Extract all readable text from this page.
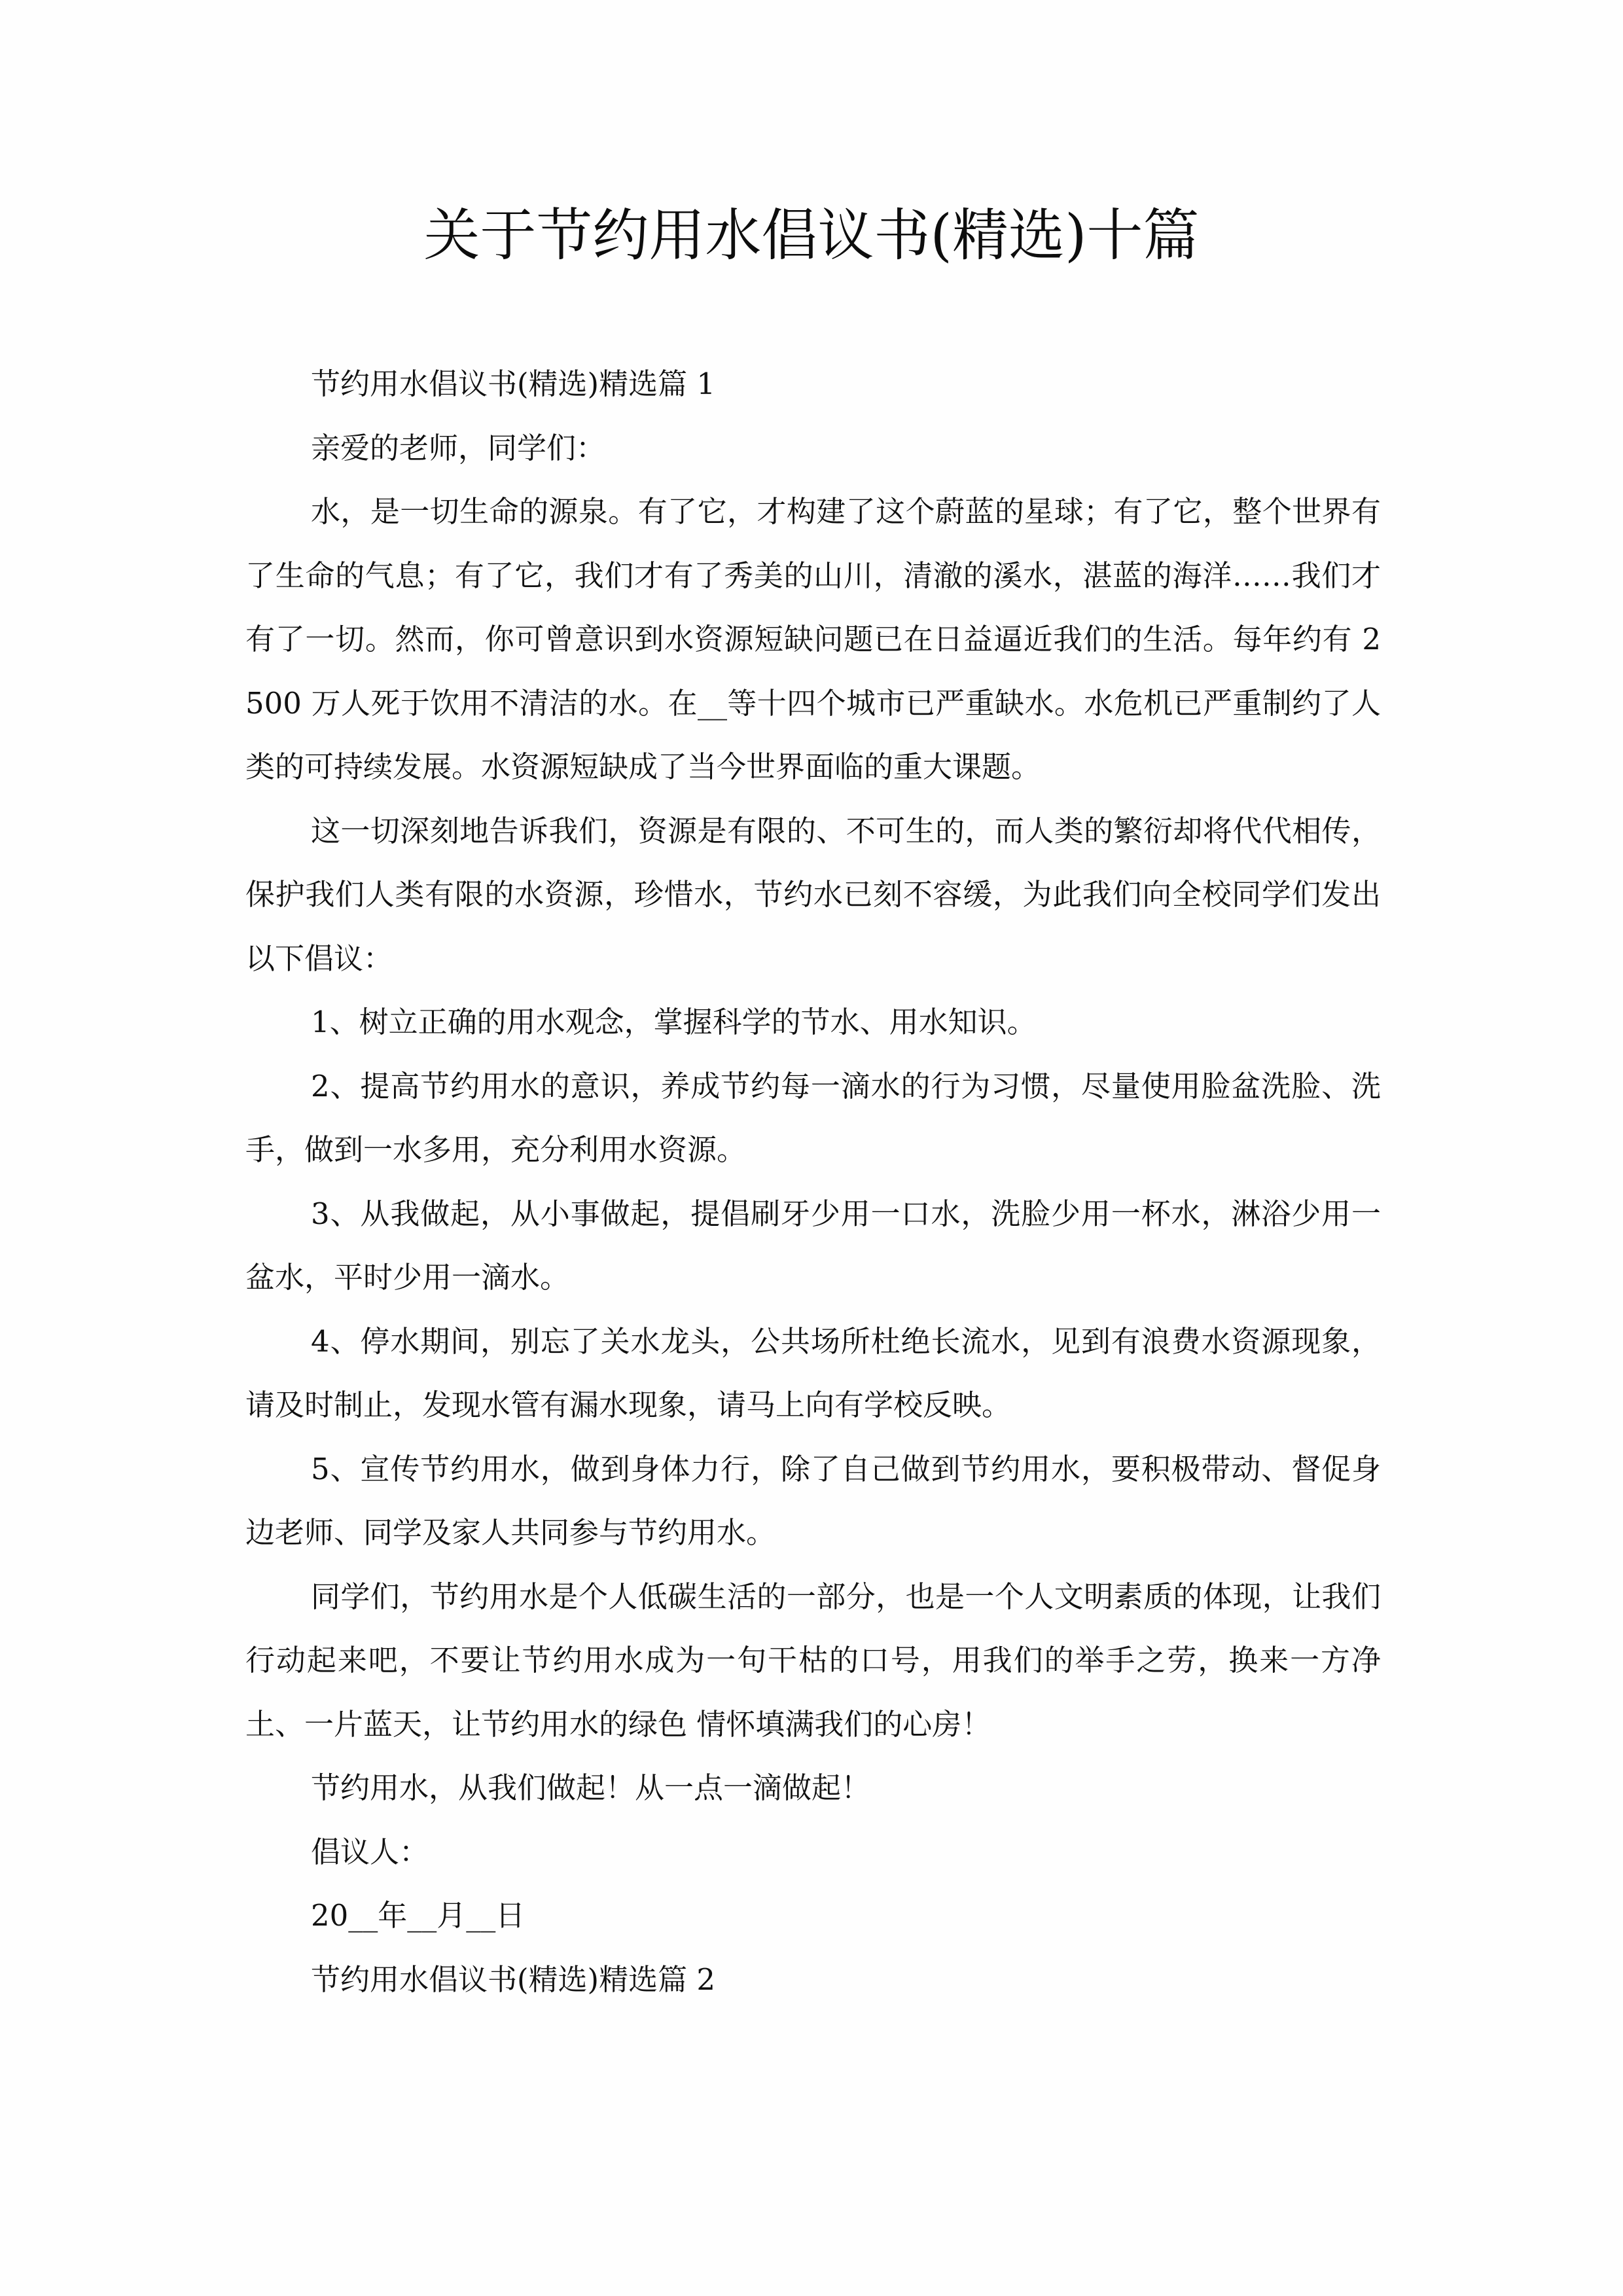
关于节约用水倡议书(精选)十篇

节约用水倡议书(精选)精选篇 1

亲爱的老师，同学们：

水，是一切生命的源泉。有了它，才构建了这个蔚蓝的星球；有了它，整个世界有了生命的气息；有了它，我们才有了秀美的山川，清澈的溪水，湛蓝的海洋……我们才有了一切。然而，你可曾意识到水资源短缺问题已在日益逼近我们的生活。每年约有 2500 万人死于饮用不清洁的水。在__等十四个城市已严重缺水。水危机已严重制约了人类的可持续发展。水资源短缺成了当今世界面临的重大课题。

这一切深刻地告诉我们，资源是有限的、不可生的，而人类的繁衍却将代代相传，保护我们人类有限的水资源，珍惜水，节约水已刻不容缓，为此我们向全校同学们发出以下倡议：

1、树立正确的用水观念，掌握科学的节水、用水知识。

2、提高节约用水的意识，养成节约每一滴水的行为习惯，尽量使用脸盆洗脸、洗手，做到一水多用，充分利用水资源。

3、从我做起，从小事做起，提倡刷牙少用一口水，洗脸少用一杯水，淋浴少用一盆水，平时少用一滴水。

4、停水期间，别忘了关水龙头，公共场所杜绝长流水，见到有浪费水资源现象，请及时制止，发现水管有漏水现象，请马上向有学校反映。

5、宣传节约用水，做到身体力行，除了自己做到节约用水，要积极带动、督促身边老师、同学及家人共同参与节约用水。

同学们，节约用水是个人低碳生活的一部分，也是一个人文明素质的体现，让我们行动起来吧，不要让节约用水成为一句干枯的口号，用我们的举手之劳，换来一方净土、一片蓝天，让节约用水的绿色 情怀填满我们的心房！

节约用水，从我们做起！从一点一滴做起！

倡议人：

20__年__月__日

节约用水倡议书(精选)精选篇 2
